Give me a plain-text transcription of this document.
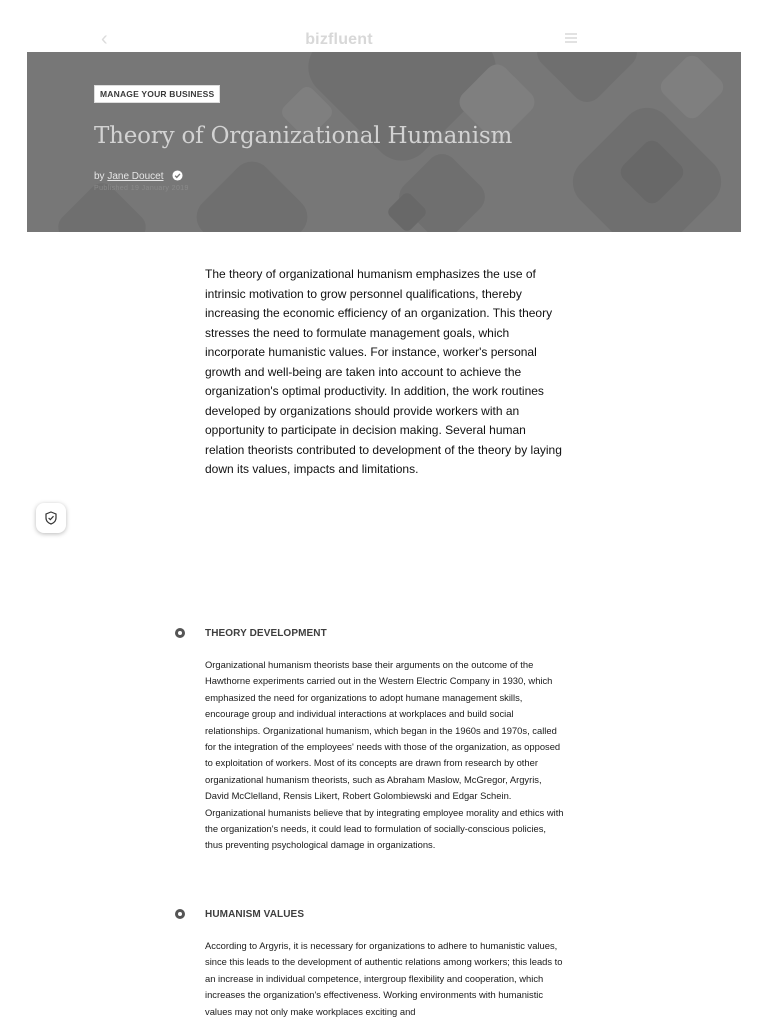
‹	bizfluent
MANAGE YOUR BUSINESS
Theory of Organizational Humanism
by Jane Doucet
Published 19 January 2019

The theory of organizational humanism emphasizes the use of intrinsic motivation to grow personnel qualifications, thereby increasing the economic efficiency of an organization. This theory stresses the need to formulate management goals, which incorporate humanistic values. For instance, worker's personal growth and well-being are taken into account to achieve the organization's optimal productivity. In addition, the work routines developed by organizations should provide workers with an opportunity to participate in decision making. Several human relation theorists contributed to development of the theory by laying down its values, impacts and limitations.

THEORY DEVELOPMENT

Organizational humanism theorists base their arguments on the outcome of the Hawthorne experiments carried out in the Western Electric Company in 1930, which emphasized the need for organizations to adopt humane management skills, encourage group and individual interactions at workplaces and build social relationships. Organizational humanism, which began in the 1960s and 1970s, called for the integration of the employees' needs with those of the organization, as opposed to exploitation of workers. Most of its concepts are drawn from research by other organizational humanism theorists, such as Abraham Maslow, McGregor, Argyris, David McClelland, Rensis Likert, Robert Golombiewski and Edgar Schein. Organizational humanists believe that by integrating employee morality and ethics with the organization's needs, it could lead to formulation of socially-conscious policies, thus preventing psychological damage in organizations.

HUMANISM VALUES

According to Argyris, it is necessary for organizations to adhere to humanistic values, since this leads to the development of authentic relations among workers; this leads to an increase in individual competence, intergroup flexibility and cooperation, which increases the organization's effectiveness. Working environments with humanistic values may not only make workplaces exciting and
